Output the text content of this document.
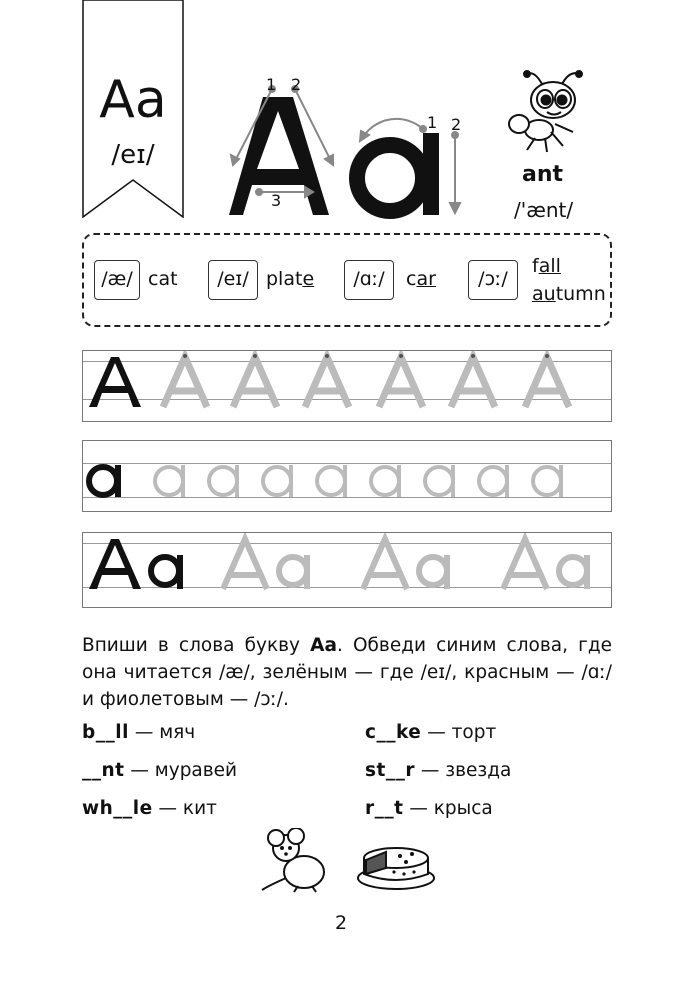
Aa
/eɪ/
1 2
3
1 2
ant
/'ænt/
/æ/ cat	/eɪ/ plate	/ɑː/	car	/ɔː/
fall
autumn
Впиши в слова букву Aa. Обведи синим слова, где она читается /æ/, зелёным — где /eɪ/, красным — /ɑː/ и фиолетовым — /ɔː/.
b__ll — мяч
__nt — муравей
wh__le — кит
c__ke — торт
st__r — звезда
r__t — крыса
2
